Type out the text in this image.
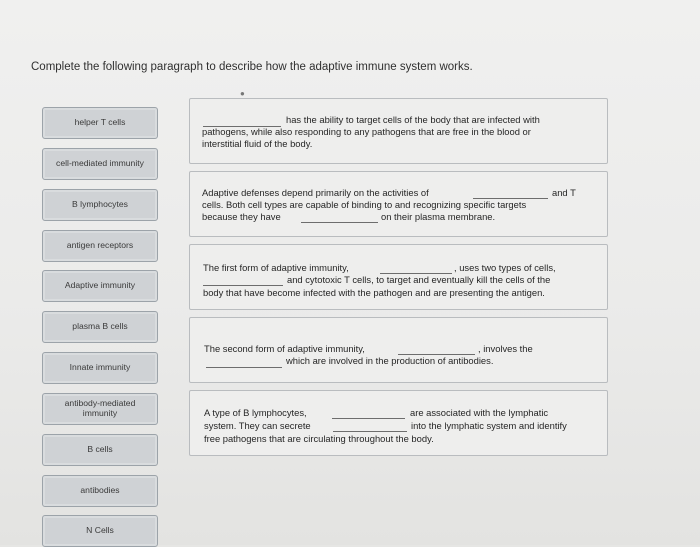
Complete the following paragraph to describe how the adaptive immune system works.
●
helper T cells
cell-mediated immunity
B lymphocytes
antigen receptors
Adaptive immunity
plasma B cells
Innate immunity
antibody-mediated immunity
B cells
antibodies
N Cells
has the ability to target cells of the body that are infected with
pathogens, while also responding to any pathogens that are free in the blood or
interstitial fluid of the body.
Adaptive defenses depend primarily on the activities of	and T
cells. Both cell types are capable of binding to and recognizing specific targets
because they have	on their plasma membrane.
The first form of adaptive immunity,	, uses two types of cells,
and cytotoxic T cells, to target and eventually kill the cells of the
body that have become infected with the pathogen and are presenting the antigen.
The second form of adaptive immunity,	, involves the
which are involved in the production of antibodies.
A type of B lymphocytes,	are associated with the lymphatic
system. They can secrete	into the lymphatic system and identify
free pathogens that are circulating throughout the body.
